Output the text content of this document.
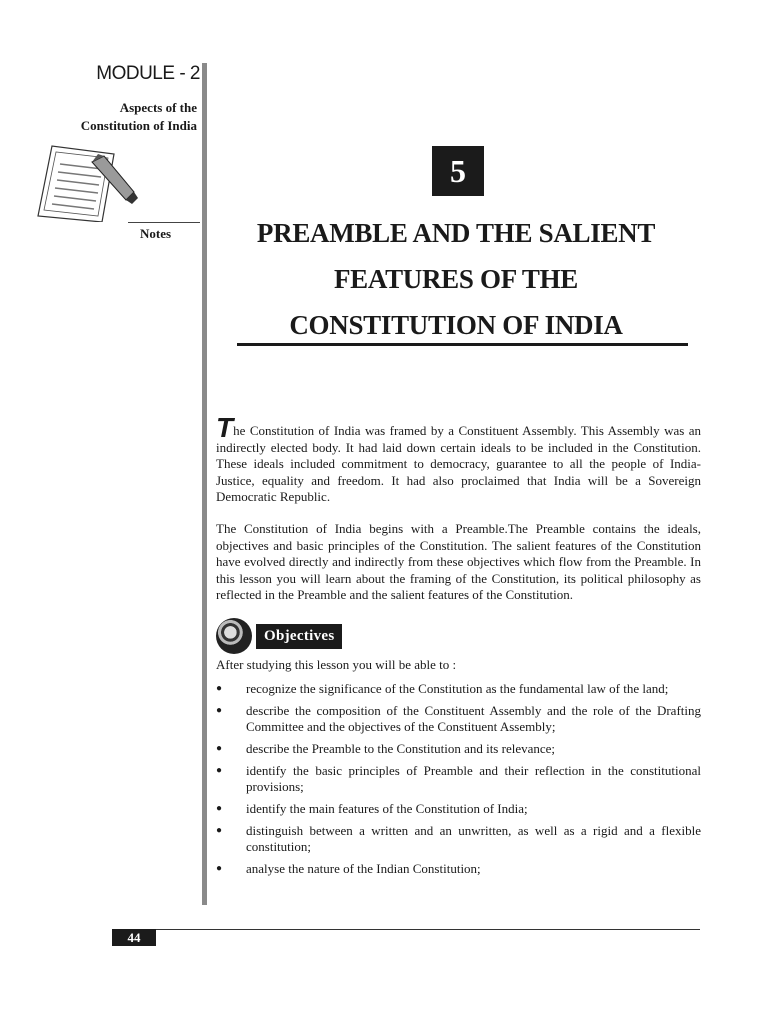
MODULE - 2
Aspects of the
Constitution of India
Notes
5
PREAMBLE AND THE SALIENT
FEATURES OF THE
CONSTITUTION OF INDIA

The Constitution of India was framed by a Constituent Assembly. This Assembly was an indirectly elected body. It had laid down certain ideals to be included in the Constitution. These ideals included commitment to democracy, guarantee to all the people of India-Justice, equality and freedom. It had also proclaimed that India will be a Sovereign Democratic Republic.

The Constitution of India begins with a Preamble.The Preamble contains the ideals, objectives and basic principles of the Constitution. The salient features of the Constitution have evolved directly and indirectly from these objectives which flow from the Preamble. In this lesson you will learn about the framing of the Constitution, its political philosophy as reflected in the Preamble and the salient features of the Constitution.

Objectives
After studying this lesson you will be able to :
● recognize the significance of the Constitution as the fundamental law of the land;
● describe the composition of the Constituent Assembly and the role of the Drafting Committee and the objectives of the Constituent Assembly;
● describe the Preamble to the Constitution and its relevance;
● identify the basic principles of Preamble and their reflection in the constitutional provisions;
● identify the main features of the Constitution of India;
● distinguish between a written and an unwritten, as well as a rigid and a flexible constitution;
● analyse the nature of the Indian Constitution;
44
